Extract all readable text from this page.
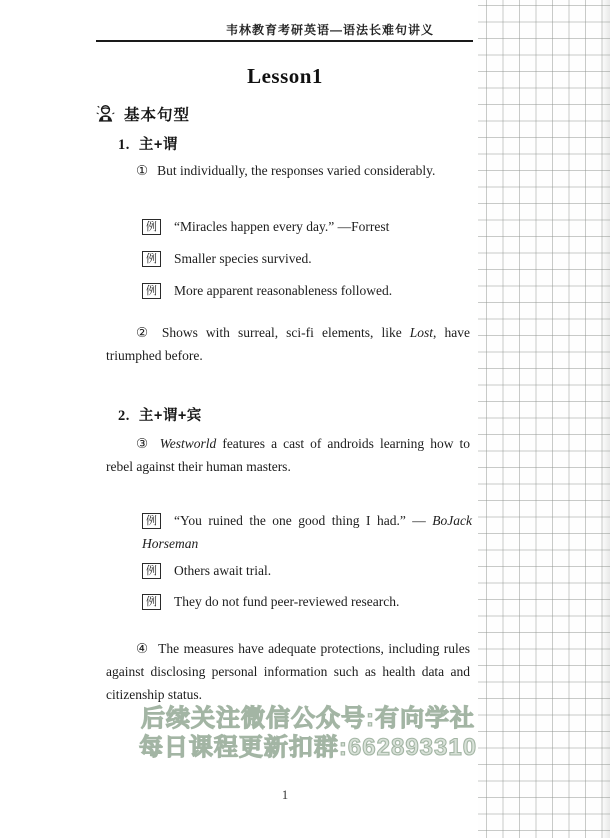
韦林教育考研英语—语法长难句讲义
Lesson1
基本句型
1. 主+谓
① But individually, the responses varied considerably.
例 “Miracles happen every day.” —Forrest
例 Smaller species survived.
例 More apparent reasonableness followed.
② Shows with surreal, sci-fi elements, like Lost, have triumphed before.
2. 主+谓+宾
③ Westworld features a cast of androids learning how to rebel against their human masters.
例 “You ruined the one good thing I had.” — BoJack Horseman
例 Others await trial.
例 They do not fund peer-reviewed research.
④ The measures have adequate protections, including rules against disclosing personal information such as health data and citizenship status.
后续关注微信公众号:有向学社
每日课程更新扣群:662893310
1
